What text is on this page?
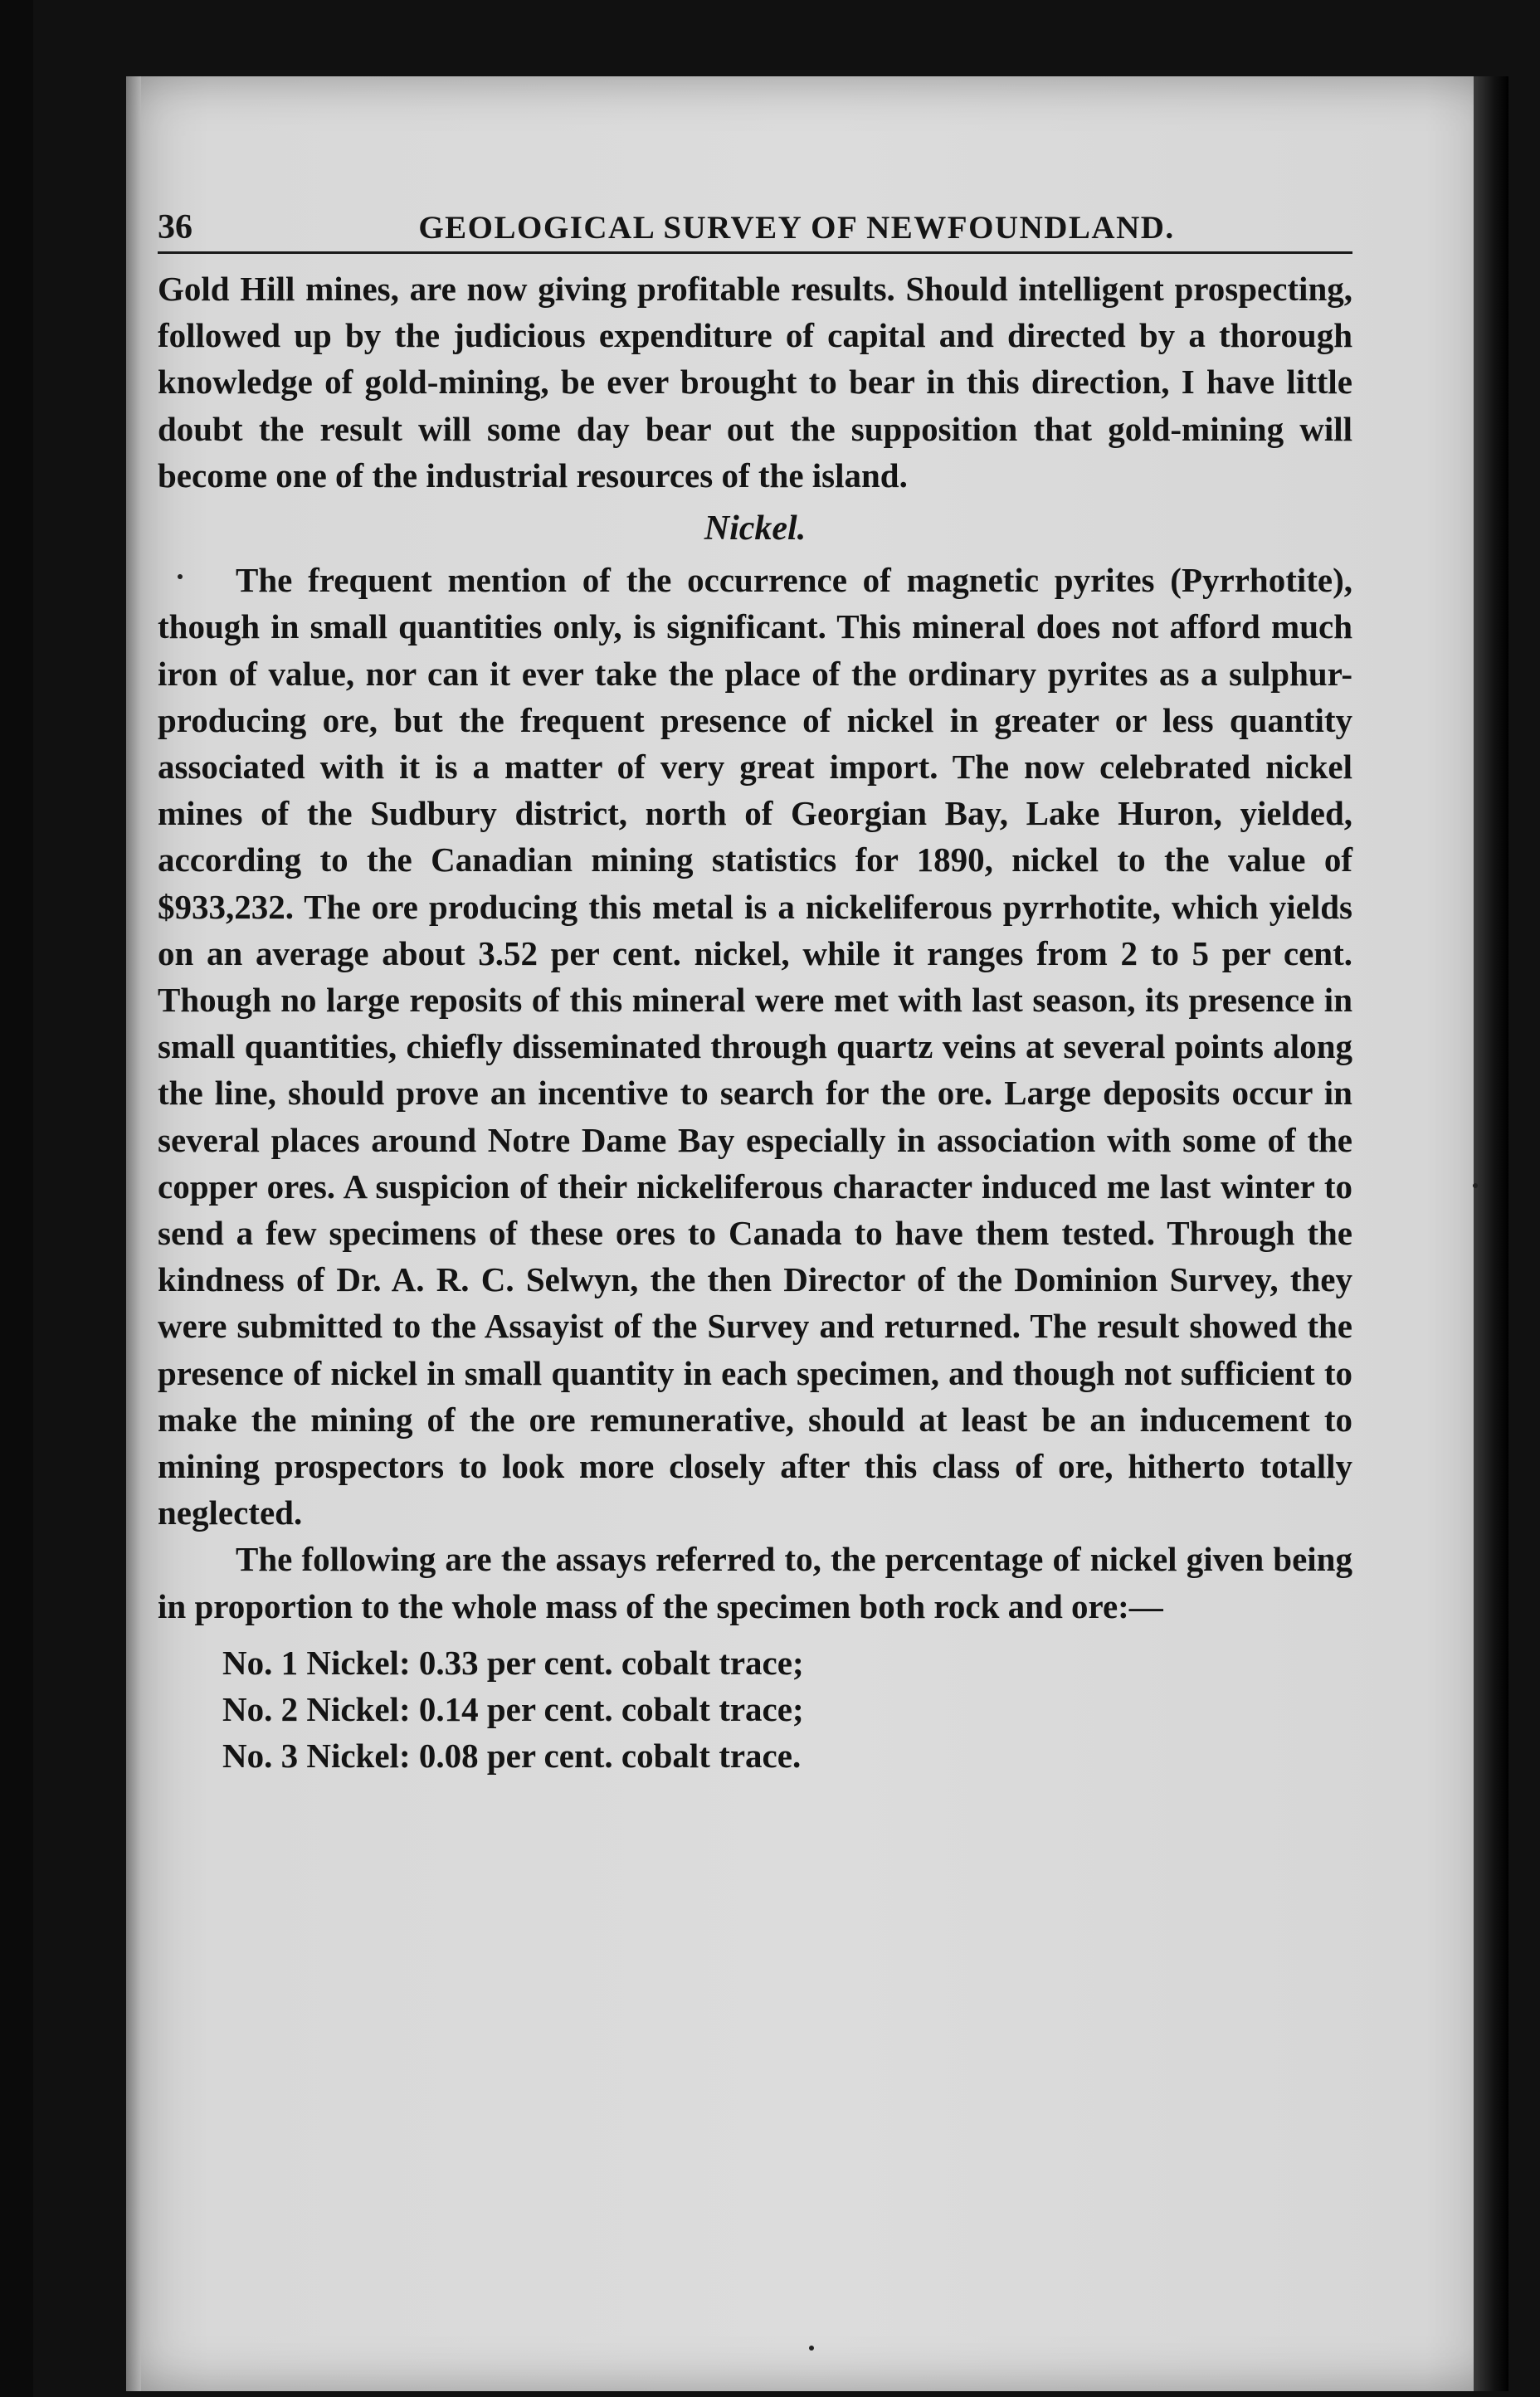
36	GEOLOGICAL SURVEY OF NEWFOUNDLAND.

Gold Hill mines, are now giving profitable results. Should intelligent prospecting, followed up by the judicious expenditure of capital and directed by a thorough knowledge of gold-mining, be ever brought to bear in this direction, I have little doubt the result will some day bear out the supposition that gold-mining will become one of the industrial resources of the island.

Nickel.

The frequent mention of the occurrence of magnetic pyrites (Pyrrhotite), though in small quantities only, is significant. This mineral does not afford much iron of value, nor can it ever take the place of the ordinary pyrites as a sulphur-producing ore, but the frequent presence of nickel in greater or less quantity associated with it is a matter of very great import. The now celebrated nickel mines of the Sudbury district, north of Georgian Bay, Lake Huron, yielded, according to the Canadian mining statistics for 1890, nickel to the value of $933,232. The ore producing this metal is a nickeliferous pyrrhotite, which yields on an average about 3.52 per cent. nickel, while it ranges from 2 to 5 per cent. Though no large reposits of this mineral were met with last season, its presence in small quantities, chiefly disseminated through quartz veins at several points along the line, should prove an incentive to search for the ore. Large deposits occur in several places around Notre Dame Bay especially in association with some of the copper ores. A suspicion of their nickeliferous character induced me last winter to send a few specimens of these ores to Canada to have them tested. Through the kindness of Dr. A. R. C. Selwyn, the then Director of the Dominion Survey, they were submitted to the Assayist of the Survey and returned. The result showed the presence of nickel in small quantity in each specimen, and though not sufficient to make the mining of the ore remunerative, should at least be an inducement to mining prospectors to look more closely after this class of ore, hitherto totally neglected.

The following are the assays referred to, the percentage of nickel given being in proportion to the whole mass of the specimen both rock and ore:—

No. 1 Nickel: 0.33 per cent. cobalt trace;
No. 2 Nickel: 0.14 per cent. cobalt trace;
No. 3 Nickel: 0.08 per cent. cobalt trace.
